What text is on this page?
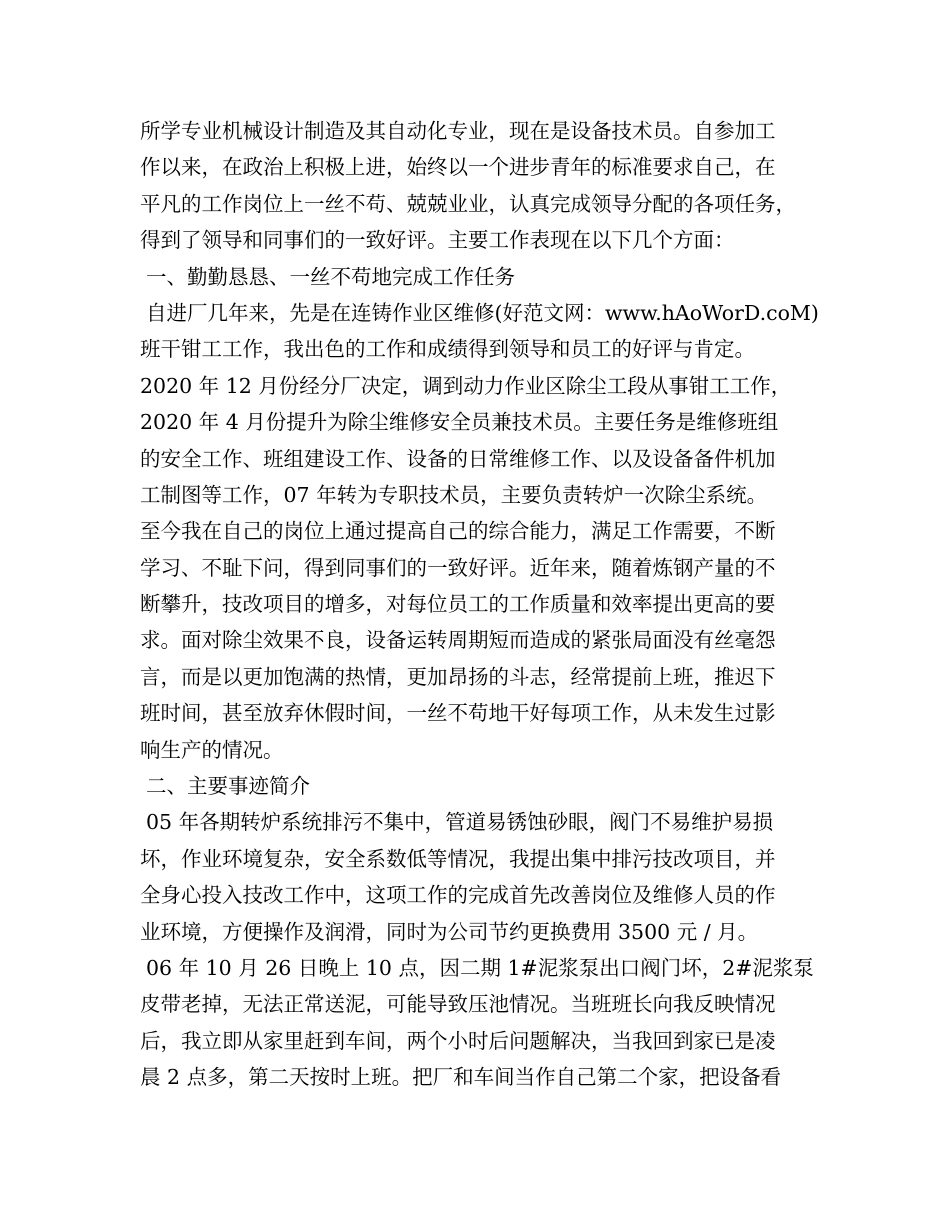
所学专业机械设计制造及其自动化专业，现在是设备技术员。自参加工
作以来，在政治上积极上进，始终以一个进步青年的标准要求自己，在
平凡的工作岗位上一丝不苟、兢兢业业，认真完成领导分配的各项任务，
得到了领导和同事们的一致好评。主要工作表现在以下几个方面：
一、勤勤恳恳、一丝不苟地完成工作任务
自进厂几年来，先是在连铸作业区维修(好范文网：www.hAoWorD.coM)
班干钳工工作，我出色的工作和成绩得到领导和员工的好评与肯定。
2020 年 12 月份经分厂决定，调到动力作业区除尘工段从事钳工工作，
2020 年 4 月份提升为除尘维修安全员兼技术员。主要任务是维修班组
的安全工作、班组建设工作、设备的日常维修工作、以及设备备件机加
工制图等工作，07 年转为专职技术员，主要负责转炉一次除尘系统。
至今我在自己的岗位上通过提高自己的综合能力，满足工作需要，不断
学习、不耻下问，得到同事们的一致好评。近年来，随着炼钢产量的不
断攀升，技改项目的增多，对每位员工的工作质量和效率提出更高的要
求。面对除尘效果不良，设备运转周期短而造成的紧张局面没有丝毫怨
言，而是以更加饱满的热情，更加昂扬的斗志，经常提前上班，推迟下
班时间，甚至放弃休假时间，一丝不苟地干好每项工作，从未发生过影
响生产的情况。
二、主要事迹简介
05 年各期转炉系统排污不集中，管道易锈蚀砂眼，阀门不易维护易损
坏，作业环境复杂，安全系数低等情况，我提出集中排污技改项目，并
全身心投入技改工作中，这项工作的完成首先改善岗位及维修人员的作
业环境，方便操作及润滑，同时为公司节约更换费用 3500 元 / 月。
06 年 10 月 26 日晚上 10 点，因二期 1#泥浆泵出口阀门坏，2#泥浆泵
皮带老掉，无法正常送泥，可能导致压池情况。当班班长向我反映情况
后，我立即从家里赶到车间，两个小时后问题解决，当我回到家已是凌
晨 2 点多，第二天按时上班。把厂和车间当作自己第二个家，把设备看
